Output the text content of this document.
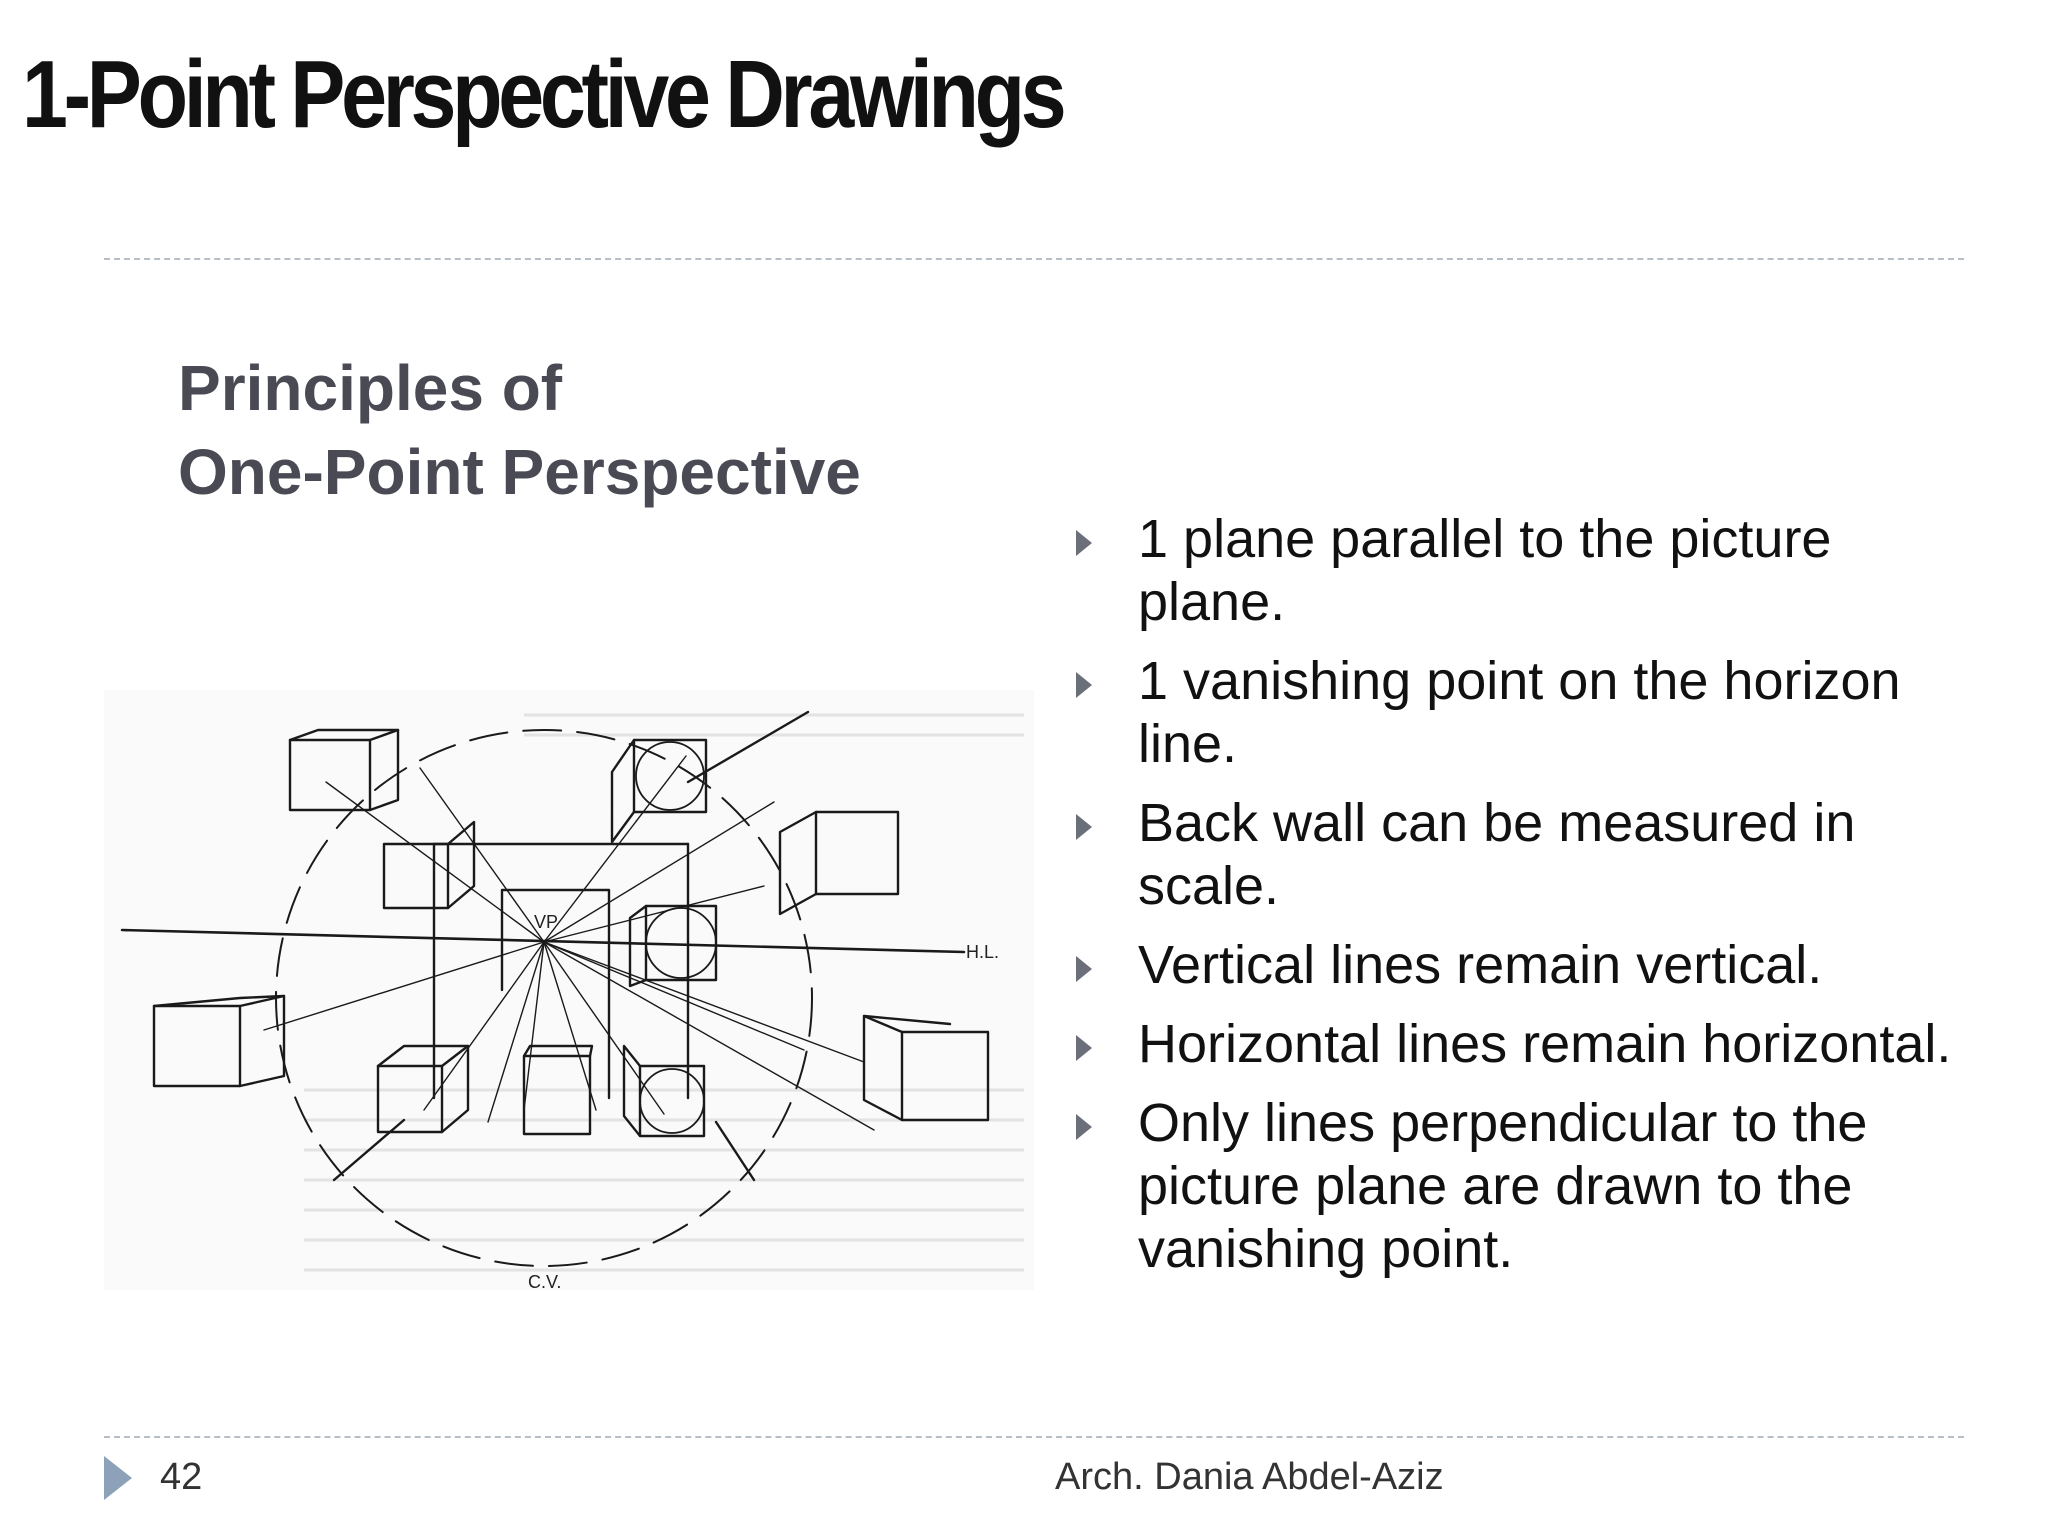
1-Point Perspective Drawings
Principles of
One-Point Perspective
VP
H.L.
C.V.
1 plane parallel to the picture plane.
1 vanishing point on the horizon line.
Back wall can be measured in scale.
Vertical lines remain vertical.
Horizontal lines remain horizontal.
Only lines perpendicular to the picture plane are drawn to the vanishing point.
42	Arch. Dania Abdel-Aziz
